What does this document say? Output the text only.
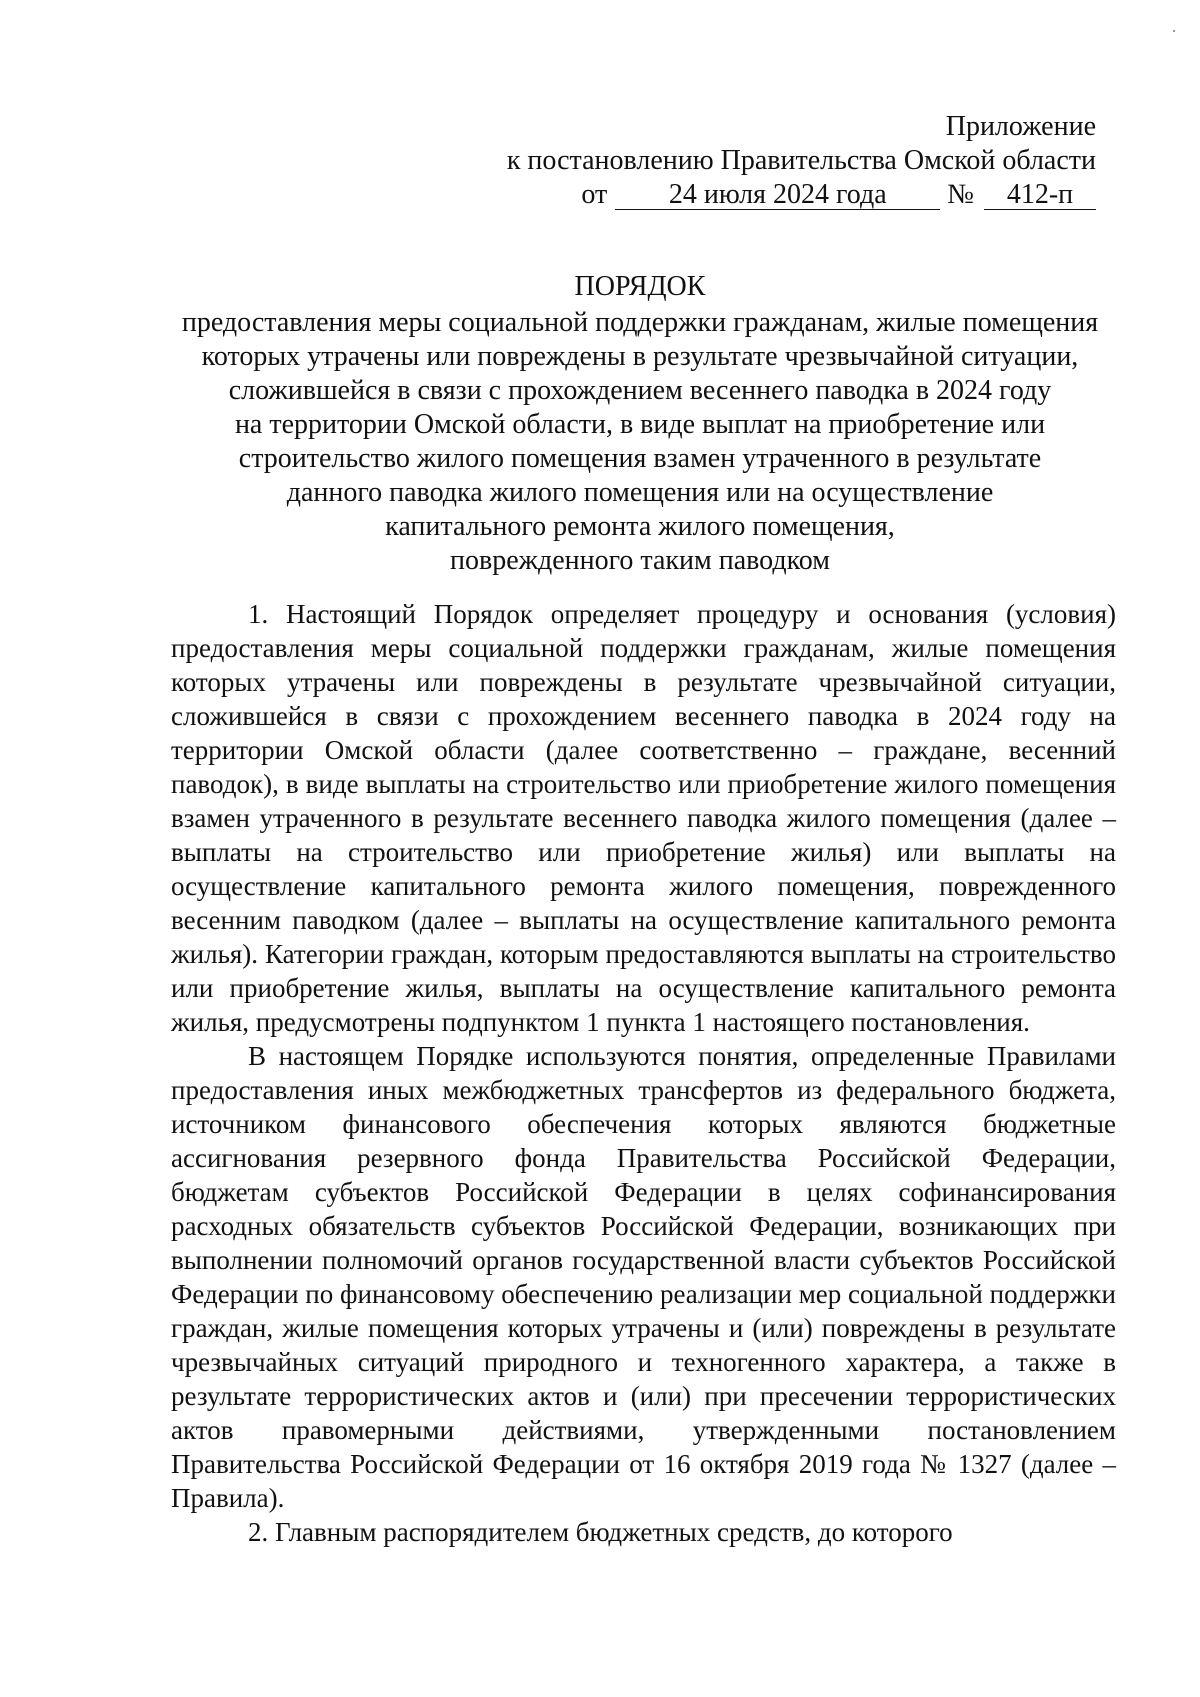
Приложение
к постановлению Правительства Омской области
от 24 июля 2024 года № 412-п
ПОРЯДОК
предоставления меры социальной поддержки гражданам, жилые помещения
которых утрачены или повреждены в результате чрезвычайной ситуации,
сложившейся в связи с прохождением весеннего паводка в 2024 году
на территории Омской области, в виде выплат на приобретение или
строительство жилого помещения взамен утраченного в результате
данного паводка жилого помещения или на осуществление
капитального ремонта жилого помещения,
поврежденного таким паводком

1. Настоящий Порядок определяет процедуру и основания (условия) предоставления меры социальной поддержки гражданам, жилые помещения которых утрачены или повреждены в результате чрезвычайной ситуации, сложившейся в связи с прохождением весеннего паводка в 2024 году на территории Омской области (далее соответственно – граждане, весенний паводок), в виде выплаты на строительство или приобретение жилого помещения взамен утраченного в результате весеннего паводка жилого помещения (далее – выплаты на строительство или приобретение жилья) или выплаты на осуществление капитального ремонта жилого помещения, поврежденного весенним паводком (далее – выплаты на осуществление капитального ремонта жилья). Категории граждан, которым предоставляются выплаты на строительство или приобретение жилья, выплаты на осуществление капитального ремонта жилья, предусмотрены подпунктом 1 пункта 1 настоящего постановления.

В настоящем Порядке используются понятия, определенные Правилами предоставления иных межбюджетных трансфертов из федерального бюджета, источником финансового обеспечения которых являются бюджетные ассигнования резервного фонда Правительства Российской Федерации, бюджетам субъектов Российской Федерации в целях софинансирования расходных обязательств субъектов Российской Федерации, возникающих при выполнении полномочий органов государственной власти субъектов Российской Федерации по финансовому обеспечению реализации мер социальной поддержки граждан, жилые помещения которых утрачены и (или) повреждены в результате чрезвычайных ситуаций природного и техногенного характера, а также в результате террористических актов и (или) при пресечении террористических актов правомерными действиями, утвержденными постановлением Правительства Российской Федерации от 16 октября 2019 года № 1327 (далее – Правила).

2. Главным распорядителем бюджетных средств, до которого
